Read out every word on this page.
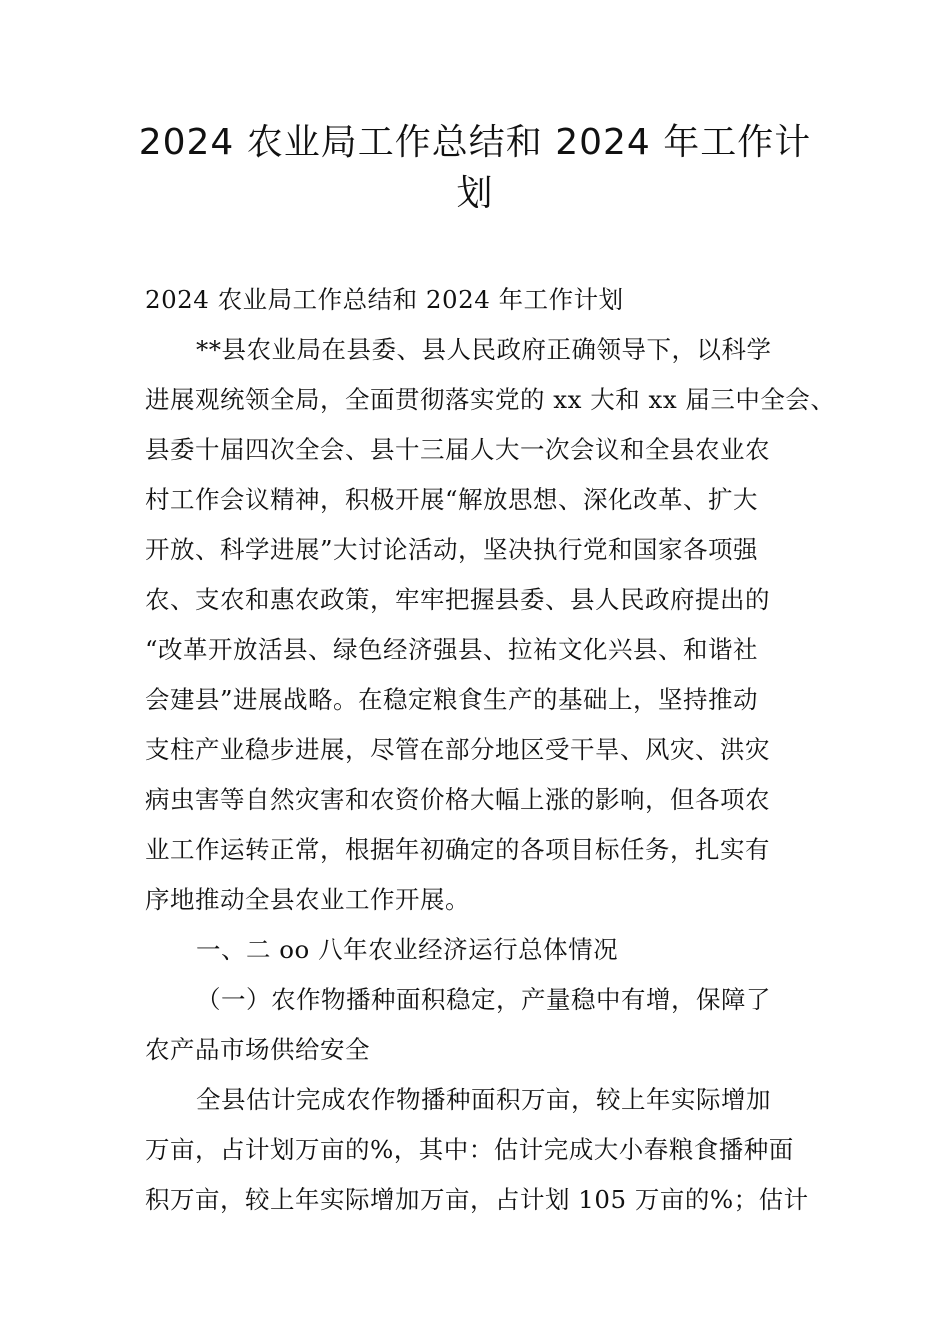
2024 农业局工作总结和 2024 年工作计
划
2024 农业局工作总结和 2024 年工作计划
**县农业局在县委、县人民政府正确领导下，以科学
进展观统领全局，全面贯彻落实党的 xx 大和 xx 届三中全会、
县委十届四次全会、县十三届人大一次会议和全县农业农
村工作会议精神，积极开展“解放思想、深化改革、扩大
开放、科学进展”大讨论活动，坚决执行党和国家各项强
农、支农和惠农政策，牢牢把握县委、县人民政府提出的
“改革开放活县、绿色经济强县、拉祐文化兴县、和谐社
会建县”进展战略。在稳定粮食生产的基础上，坚持推动
支柱产业稳步进展，尽管在部分地区受干旱、风灾、洪灾
病虫害等自然灾害和农资价格大幅上涨的影响，但各项农
业工作运转正常，根据年初确定的各项目标任务，扎实有
序地推动全县农业工作开展。
一、二 oo 八年农业经济运行总体情况
（一）农作物播种面积稳定，产量稳中有增，保障了
农产品市场供给安全
全县估计完成农作物播种面积万亩，较上年实际增加
万亩，占计划万亩的%，其中：估计完成大小春粮食播种面
积万亩，较上年实际增加万亩，占计划 105 万亩的%；估计
